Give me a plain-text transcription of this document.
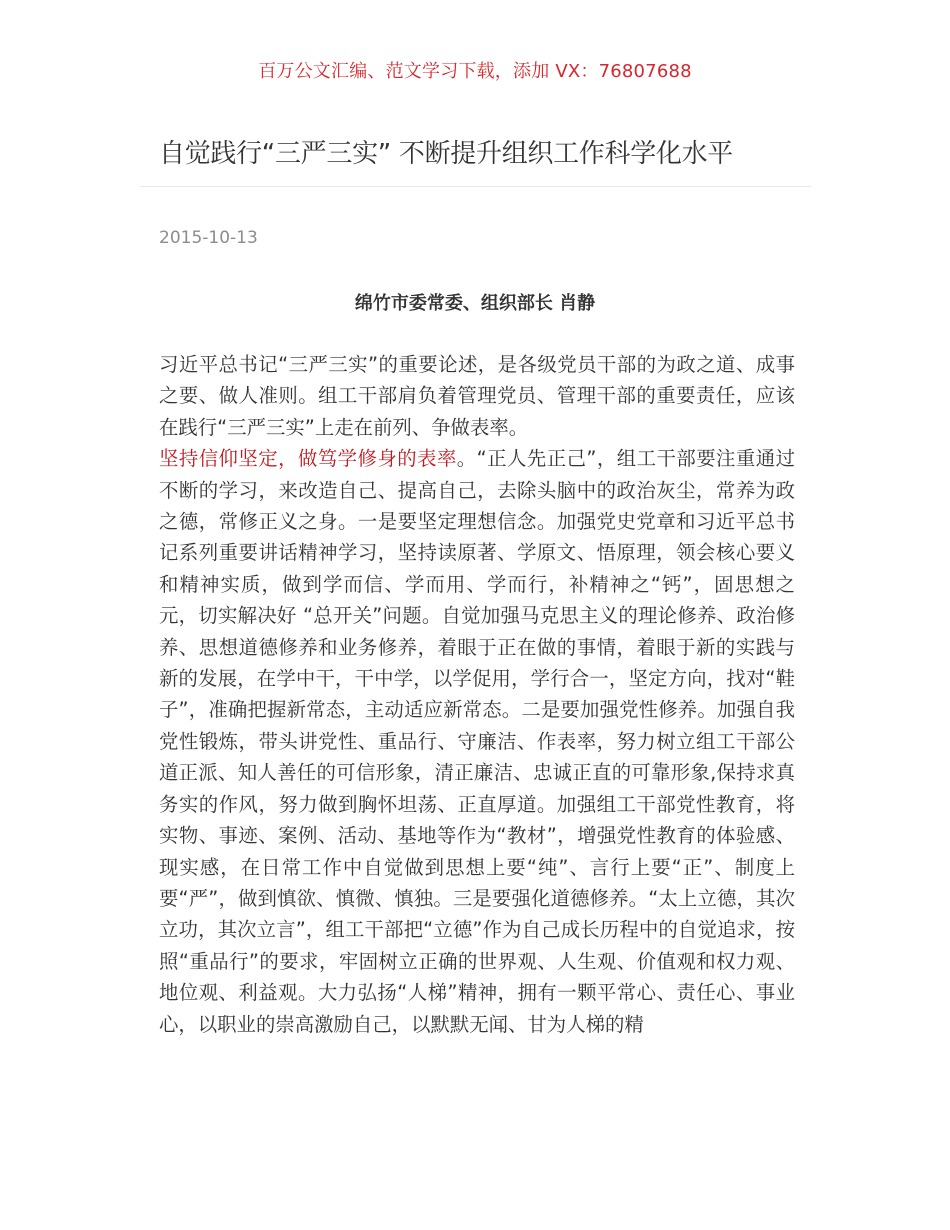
百万公文汇编、范文学习下载，添加 VX：76807688
自觉践行“三严三实” 不断提升组织工作科学化水平
2015-10-13
绵竹市委常委、组织部长 肖静

习近平总书记“三严三实”的重要论述，是各级党员干部的为政之道、成事之要、做人准则。组工干部肩负着管理党员、管理干部的重要责任，应该在践行“三严三实”上走在前列、争做表率。

坚持信仰坚定，做笃学修身的表率。“正人先正己”，组工干部要注重通过不断的学习，来改造自己、提高自己，去除头脑中的政治灰尘，常养为政之德，常修正义之身。一是要坚定理想信念。加强党史党章和习近平总书记系列重要讲话精神学习，坚持读原著、学原文、悟原理，领会核心要义和精神实质，做到学而信、学而用、学而行，补精神之“钙”，固思想之元，切实解决好 “总开关”问题。自觉加强马克思主义的理论修养、政治修养、思想道德修养和业务修养，着眼于正在做的事情，着眼于新的实践与新的发展，在学中干，干中学，以学促用，学行合一，坚定方向，找对“鞋子”，准确把握新常态，主动适应新常态。二是要加强党性修养。加强自我党性锻炼，带头讲党性、重品行、守廉洁、作表率，努力树立组工干部公道正派、知人善任的可信形象，清正廉洁、忠诚正直的可靠形象,保持求真务实的作风，努力做到胸怀坦荡、正直厚道。加强组工干部党性教育，将实物、事迹、案例、活动、基地等作为“教材”，增强党性教育的体验感、现实感，在日常工作中自觉做到思想上要“纯”、言行上要“正”、制度上要“严”，做到慎欲、慎微、慎独。三是要强化道德修养。“太上立德，其次立功，其次立言”，组工干部把“立德”作为自己成长历程中的自觉追求，按照“重品行”的要求，牢固树立正确的世界观、人生观、价值观和权力观、地位观、利益观。大力弘扬“人梯”精神，拥有一颗平常心、责任心、事业心，以职业的崇高激励自己，以默默无闻、甘为人梯的精
